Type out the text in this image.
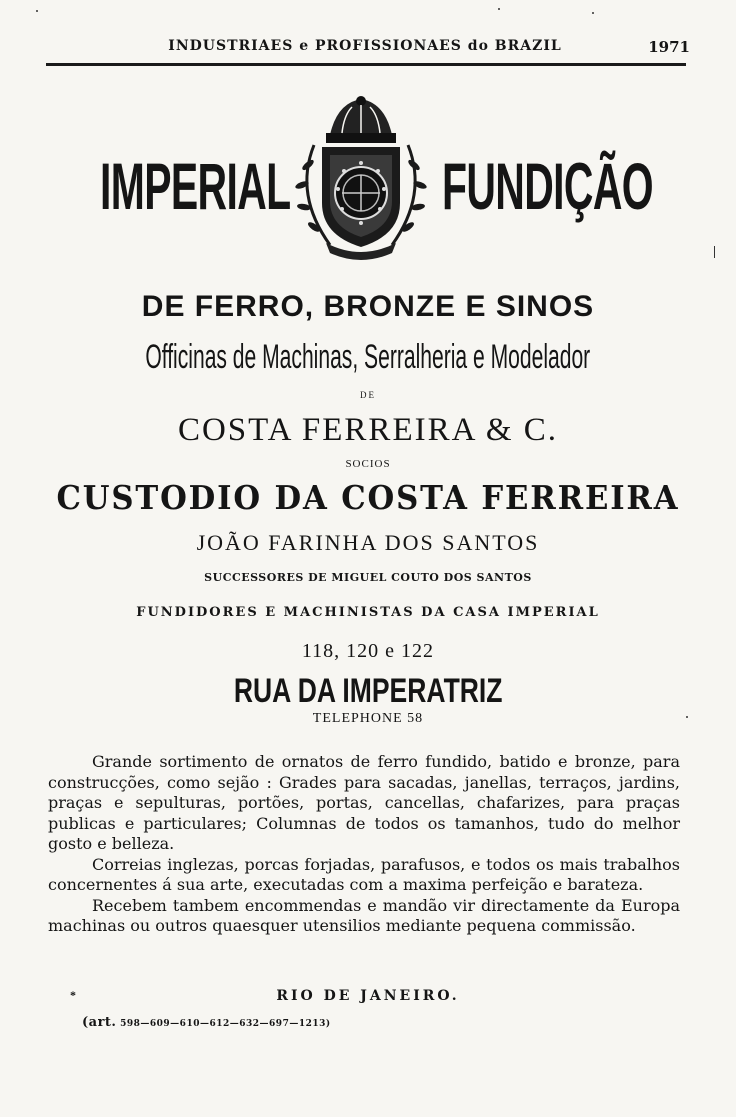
INDUSTRIAES e PROFISSIONAES do BRAZIL	1971
IMPERIAL FUNDIÇÃO
DE FERRO, BRONZE E SINOS
Officinas de Machinas, Serralheria e Modelador
DE
COSTA FERREIRA & C.
SOCIOS
CUSTODIO DA COSTA FERREIRA
JOÃO FARINHA DOS SANTOS
SUCCESSORES DE MIGUEL COUTO DOS SANTOS
FUNDIDORES E MACHINISTAS DA CASA IMPERIAL
118, 120 e 122
RUA DA IMPERATRIZ
TELEPHONE 58

Grande sortimento de ornatos de ferro fundido, batido e bronze, para construcções, como sejão : Grades para sacadas, janellas, terraços, jardins, praças e sepulturas, portões, portas, cancellas, chafarizes, para praças publicas e particulares; Columnas de todos os tamanhos, tudo do melhor gosto e belleza.

Correias inglezas, porcas forjadas, parafusos, e todos os mais trabalhos concernentes á sua arte, executadas com a maxima perfeição e barateza.

Recebem tambem encommendas e mandão vir directamente da Europa machinas ou outros quaesquer utensilios mediante pequena commissão.

*	RIO DE JANEIRO.
(art. 598—609—610—612—632—697—1213)
